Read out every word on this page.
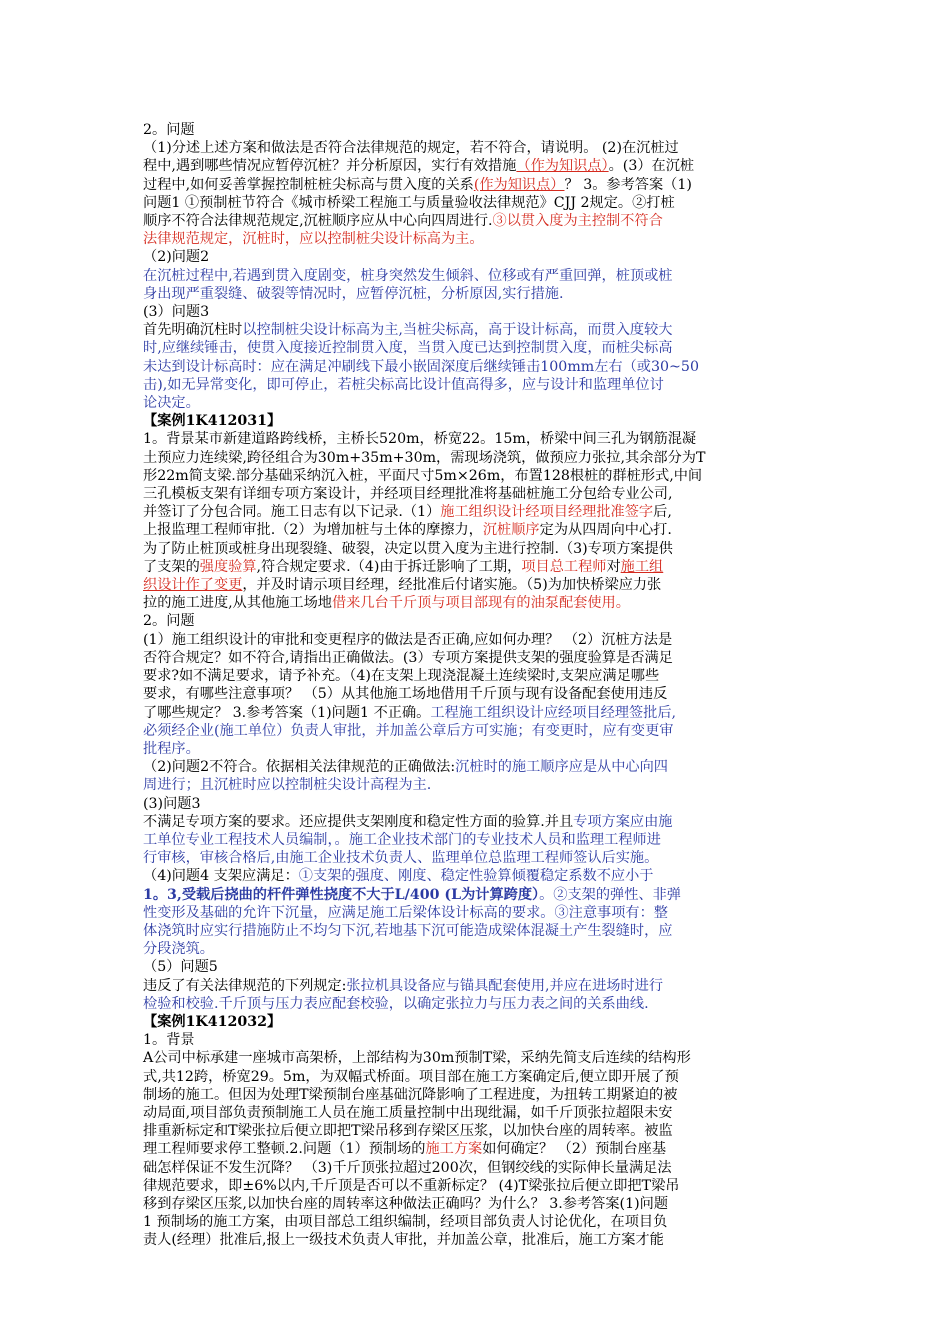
2。问题
（1)分述上述方案和做法是否符合法律规范的规定，若不符合，请说明。 (2)在沉桩过
程中,遇到哪些情况应暂停沉桩？并分析原因，实行有效措施（作为知识点）。(3）在沉桩
过程中,如何妥善掌握控制桩桩尖标高与贯入度的关系(作为知识点）？ 3。参考答案（1)
问题1 ①预制桩节符合《城市桥梁工程施工与质量验收法律规范》CJJ 2规定。②打桩
顺序不符合法律规范规定,沉桩顺序应从中心向四周进行.③以贯入度为主控制不符合
法律规范规定，沉桩时，应以控制桩尖设计标高为主。
（2)问题2
在沉桩过程中,若遇到贯入度剧变，桩身突然发生倾斜、位移或有严重回弹，桩顶或桩
身出现严重裂缝、破裂等情况时，应暂停沉桩，分析原因,实行措施.
(3）问题3
首先明确沉柱时以控制桩尖设计标高为主,当桩尖标高，高于设计标高，而贯入度较大
时,应继续锤击，使贯入度接近控制贯入度，当贯入度已达到控制贯入度，而桩尖标高
未达到设计标高时：应在满足冲刷线下最小嵌固深度后继续锤击100mm左右（或30~50
击),如无异常变化，即可停止，若桩尖标高比设计值高得多，应与设计和监理单位讨
论决定。
【案例1K412031】
1。背景某市新建道路跨线桥，主桥长520m，桥宽22。15m，桥梁中间三孔为钢筋混凝
土预应力连续梁,跨径组合为30m+35m+30m，需现场浇筑，做预应力张拉,其余部分为T
形22m简支梁.部分基础采纳沉入桩，平面尺寸5m×26m，布置128根桩的群桩形式,中间
三孔模板支架有详细专项方案设计，并经项目经理批准将基础桩施工分包给专业公司,
并签订了分包合同。施工日志有以下记录.（1）施工组织设计经项目经理批准签字后,
上报监理工程师审批.（2）为增加桩与土体的摩擦力，沉桩顺序定为从四周向中心打.
为了防止桩顶或桩身出现裂缝、破裂，决定以贯入度为主进行控制.（3)专项方案提供
了支架的强度验算,符合规定要求.（4)由于拆迁影响了工期，项目总工程师对施工组
织设计作了变更，并及时请示项目经理，经批准后付诸实施。（5)为加快桥梁应力张
拉的施工进度,从其他施工场地借来几台千斤顶与项目部现有的油泵配套使用。
2。问题
(1）施工组织设计的审批和变更程序的做法是否正确,应如何办理？ （2）沉桩方法是
否符合规定？如不符合,请指出正确做法。(3）专项方案提供支架的强度验算是否满足
要求?如不满足要求，请予补充。（4)在支架上现浇混凝土连续梁时,支架应满足哪些
要求，有哪些注意事项？ （5）从其他施工场地借用千斤顶与现有设备配套使用违反
了哪些规定？ 3.参考答案（1)问题1 不正确。工程施工组织设计应经项目经理签批后,
必须经企业(施工单位）负责人审批，并加盖公章后方可实施；有变更时，应有变更审
批程序。
（2)问题2不符合。依据相关法律规范的正确做法:沉桩时的施工顺序应是从中心向四
周进行；且沉桩时应以控制桩尖设计高程为主.
(3)问题3
不满足专项方案的要求。还应提供支架刚度和稳定性方面的验算.并且专项方案应由施
工单位专业工程技术人员编制，。施工企业技术部门的专业技术人员和监理工程师进
行审核，审核合格后,由施工企业技术负责人、监理单位总监理工程师签认后实施。
（4)问题4 支架应满足：①支架的强度、刚度、稳定性验算倾覆稳定系数不应小于
1。3,受载后挠曲的杆件弹性挠度不大于L/400 (L为计算跨度）。②支架的弹性、非弹
性变形及基础的允许下沉量，应满足施工后梁体设计标高的要求。③注意事项有：整
体浇筑时应实行措施防止不均匀下沉,若地基下沉可能造成梁体混凝土产生裂缝时，应
分段浇筑。
（5）问题5
违反了有关法律规范的下列规定:张拉机具设备应与锚具配套使用,并应在进场时进行
检验和校验.千斤顶与压力表应配套校验，以确定张拉力与压力表之间的关系曲线.
【案例1K412032】
1。背景
A公司中标承建一座城市高架桥，上部结构为30m预制T梁，采纳先简支后连续的结构形
式,共12跨，桥宽29。5m，为双幅式桥面。项目部在施工方案确定后,便立即开展了预
制场的施工。但因为处理T梁预制台座基础沉降影响了工程进度，为扭转工期紧迫的被
动局面,项目部负责预制施工人员在施工质量控制中出现纰漏，如千斤顶张拉超限未安
排重新标定和T梁张拉后便立即把T梁吊移到存梁区压浆，以加快台座的周转率。被监
理工程师要求停工整顿.2.问题（1）预制场的施工方案如何确定？ （2）预制台座基
础怎样保证不发生沉降？ （3)千斤顶张拉超过200次，但钢绞线的实际伸长量满足法
律规范要求，即±6%以内,千斤顶是否可以不重新标定？ (4)T梁张拉后便立即把T梁吊
移到存梁区压浆,以加快台座的周转率这种做法正确吗？为什么？ 3.参考答案(1)问题
1 预制场的施工方案，由项目部总工组织编制，经项目部负责人讨论优化，在项目负
责人(经理）批准后,报上一级技术负责人审批，并加盖公章，批准后，施工方案才能
